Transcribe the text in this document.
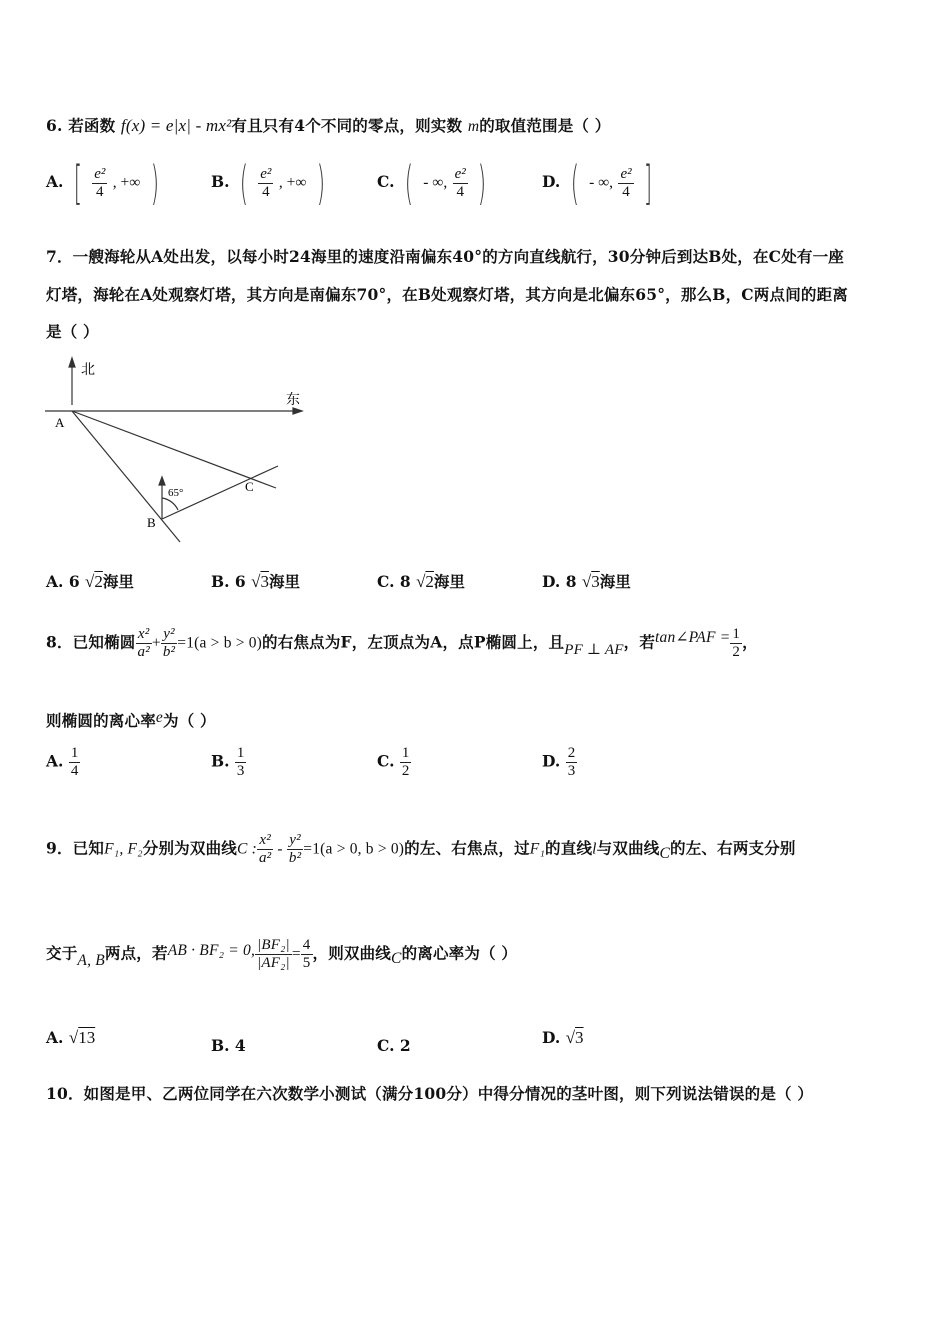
6. 若函数 f(x) = e|x| - mx²有且只有4个不同的零点，则实数 m的取值范围是（ ）
A. [ $\frac{\text{e²}}{4}$ , +∞ )	B. ( $\frac{\text{e²}}{4}$ , +∞ )	C. ( - ∞, $\frac{\text{e²}}{4}$ )	D. ( - ∞, $\frac{\text{e²}}{4}$ ]
7．一艘海轮从A处出发，以每小时24海里的速度沿南偏东40°的方向直线航行，30分钟后到达B处，在C处有一座
灯塔，海轮在A处观察灯塔，其方向是南偏东70°，在B处观察灯塔，其方向是北偏东65°，那么B，C两点间的距离
是（ ）
北
东
A
B
C
65°
A. 6 √2海里	B. 6 √3海里	C. 8 √2海里	D. 8 √3海里
8．已知椭圆 $\frac{\text{x²}}{\text{a²}} + \frac{\text{y²}}{\text{b²}} =1(a > b > 0)$的右焦点为F，左顶点为A，点P椭圆上，且PF ⊥ AF，若tan∠PAF = $\frac{1}{2}$ ，
则椭圆的离心率e为（ ）
A. $\frac{1}{4}$	B. $\frac{1}{3}$	C. $\frac{1}{2}$	D. $\frac{2}{3}$
9．已知F₁, F₂分别为双曲线C : $\frac{\text{x²}}{\text{a²}} - \frac{\text{y²}}{\text{b²}} =1(a > 0$, b > 0)的左、右焦点，过F₁的直线l与双曲线C的左、右两支分别
交于A, B两点，若AB · BF₂ = 0, $\frac{\text{|BF₂|}}{\text{|AF₂|}} = \frac{4}{5}$ ，则双曲线C的离心率为（ ）
A. √13	B. 4	C. 2	D. √3
10．如图是甲、乙两位同学在六次数学小测试（满分100分）中得分情况的茎叶图，则下列说法错误的是（ ）
